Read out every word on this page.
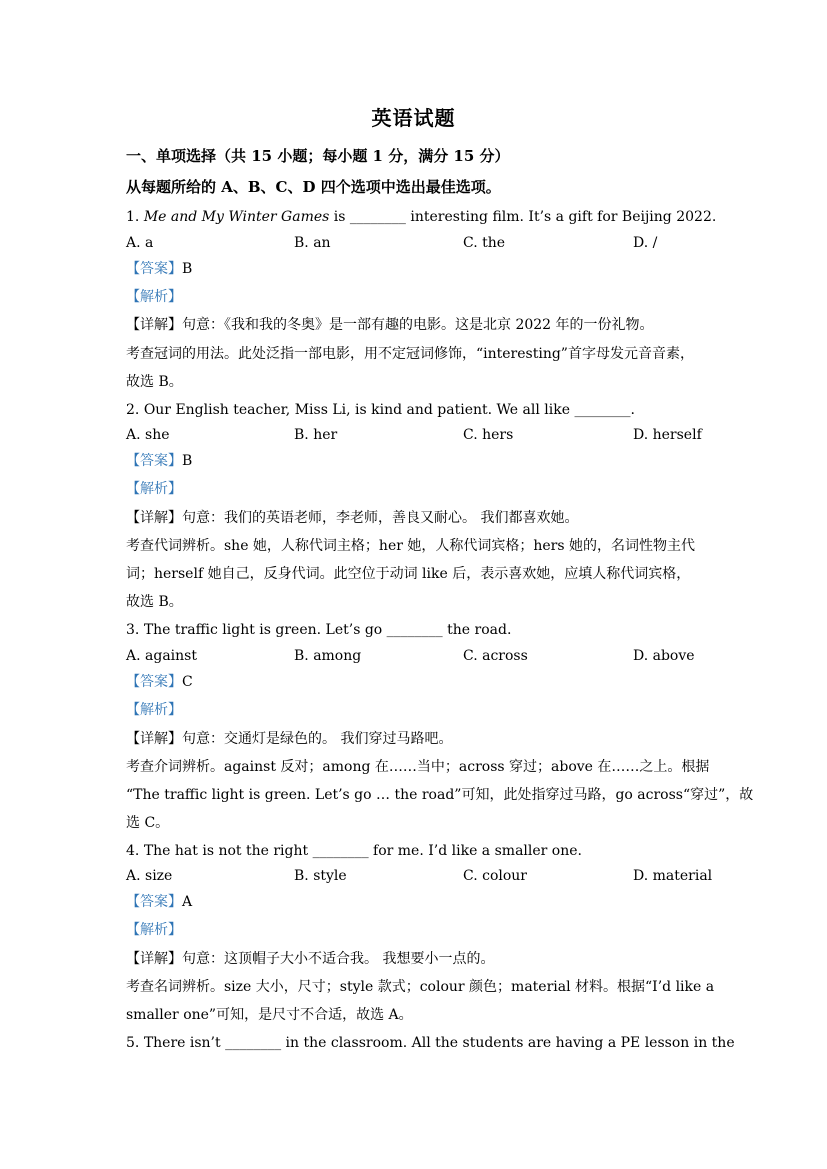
英语试题
一、单项选择（共 15 小题；每小题 1 分，满分 15 分）
从每题所给的 A、B、C、D 四个选项中选出最佳选项。
1. Me and My Winter Games is ________ interesting film. It’s a gift for Beijing 2022.
A. a	B. an	C. the	D. /
【答案】B
【解析】
【详解】句意：《我和我的冬奥》是一部有趣的电影。这是北京 2022 年的一份礼物。
考查冠词的用法。此处泛指一部电影，用不定冠词修饰，“interesting”首字母发元音音素，
故选 B。
2. Our English teacher, Miss Li, is kind and patient. We all like ________.
A. she	B. her	C. hers	D. herself
【答案】B
【解析】
【详解】句意：我们的英语老师，李老师，善良又耐心。 我们都喜欢她。
考查代词辨析。she 她，人称代词主格；her 她，人称代词宾格；hers 她的，名词性物主代
词；herself 她自己，反身代词。此空位于动词 like 后，表示喜欢她，应填人称代词宾格，
故选 B。
3. The traffic light is green. Let’s go ________ the road.
A. against	B. among	C. across	D. above
【答案】C
【解析】
【详解】句意：交通灯是绿色的。 我们穿过马路吧。
考查介词辨析。against 反对；among 在……当中；across 穿过；above 在……之上。根据
“The traffic light is green. Let’s go … the road”可知，此处指穿过马路，go across“穿过”，故
选 C。
4. The hat is not the right ________ for me. I’d like a smaller one.
A. size	B. style	C. colour	D. material
【答案】A
【解析】
【详解】句意：这顶帽子大小不适合我。 我想要小一点的。
考查名词辨析。size 大小，尺寸；style 款式；colour 颜色；material 材料。根据“I’d like a
smaller one”可知，是尺寸不合适，故选 A。
5. There isn’t ________ in the classroom. All the students are having a PE lesson in the
